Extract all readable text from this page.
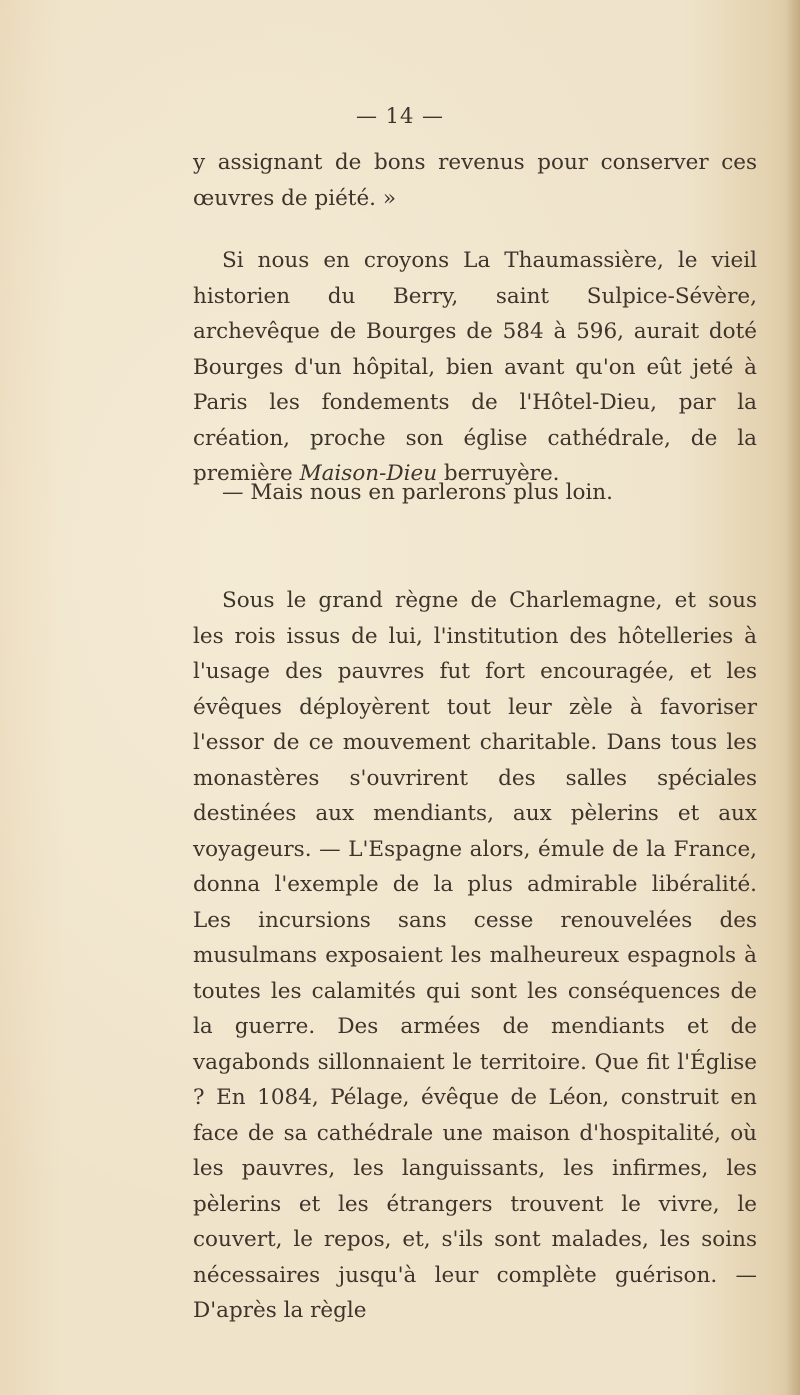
— 14 —

y assignant de bons revenus pour conserver ces œuvres de piété. »

Si nous en croyons La Thaumassière, le vieil historien du Berry, saint Sulpice-Sévère, archevêque de Bourges de 584 à 596, aurait doté Bourges d'un hôpital, bien avant qu'on eût jeté à Paris les fondements de l'Hôtel-Dieu, par la création, proche son église cathédrale, de la première Maison-Dieu berruyère.

— Mais nous en parlerons plus loin.

Sous le grand règne de Charlemagne, et sous les rois issus de lui, l'institution des hôtelleries à l'usage des pauvres fut fort encouragée, et les évêques déployèrent tout leur zèle à favoriser l'essor de ce mouvement charitable. Dans tous les monastères s'ouvrirent des salles spéciales destinées aux mendiants, aux pèlerins et aux voyageurs. — L'Espagne alors, émule de la France, donna l'exemple de la plus admirable libéralité. Les incursions sans cesse renouvelées des musulmans exposaient les malheureux espagnols à toutes les calamités qui sont les conséquences de la guerre. Des armées de mendiants et de vagabonds sillonnaient le territoire. Que fit l'Église ? En 1084, Pélage, évêque de Léon, construit en face de sa cathédrale une maison d'hospitalité, où les pauvres, les languissants, les infirmes, les pèlerins et les étrangers trouvent le vivre, le couvert, le repos, et, s'ils sont malades, les soins nécessaires jusqu'à leur complète guérison. — D'après la règle
